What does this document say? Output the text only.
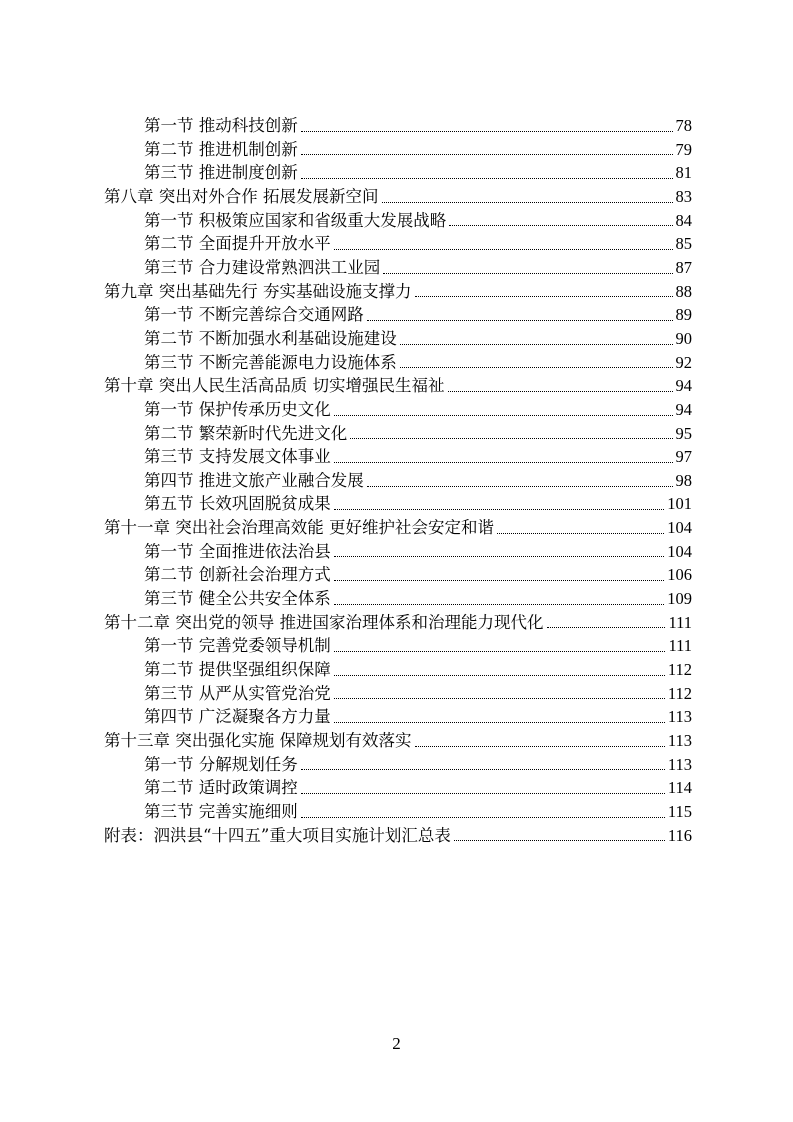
第一节 推动科技创新	78
第二节 推进机制创新	79
第三节 推进制度创新	81
第八章 突出对外合作 拓展发展新空间	83
第一节 积极策应国家和省级重大发展战略	84
第二节 全面提升开放水平	85
第三节 合力建设常熟泗洪工业园	87
第九章 突出基础先行 夯实基础设施支撑力	88
第一节 不断完善综合交通网路	89
第二节 不断加强水利基础设施建设	90
第三节 不断完善能源电力设施体系	92
第十章 突出人民生活高品质 切实增强民生福祉	94
第一节 保护传承历史文化	94
第二节 繁荣新时代先进文化	95
第三节 支持发展文体事业	97
第四节 推进文旅产业融合发展	98
第五节 长效巩固脱贫成果	101
第十一章 突出社会治理高效能 更好维护社会安定和谐	104
第一节 全面推进依法治县	104
第二节 创新社会治理方式	106
第三节 健全公共安全体系	109
第十二章 突出党的领导 推进国家治理体系和治理能力现代化	111
第一节 完善党委领导机制	111
第二节 提供坚强组织保障	112
第三节 从严从实管党治党	112
第四节 广泛凝聚各方力量	113
第十三章 突出强化实施 保障规划有效落实	113
第一节 分解规划任务	113
第二节 适时政策调控	114
第三节 完善实施细则	115
附表：泗洪县“十四五”重大项目实施计划汇总表	116
2
